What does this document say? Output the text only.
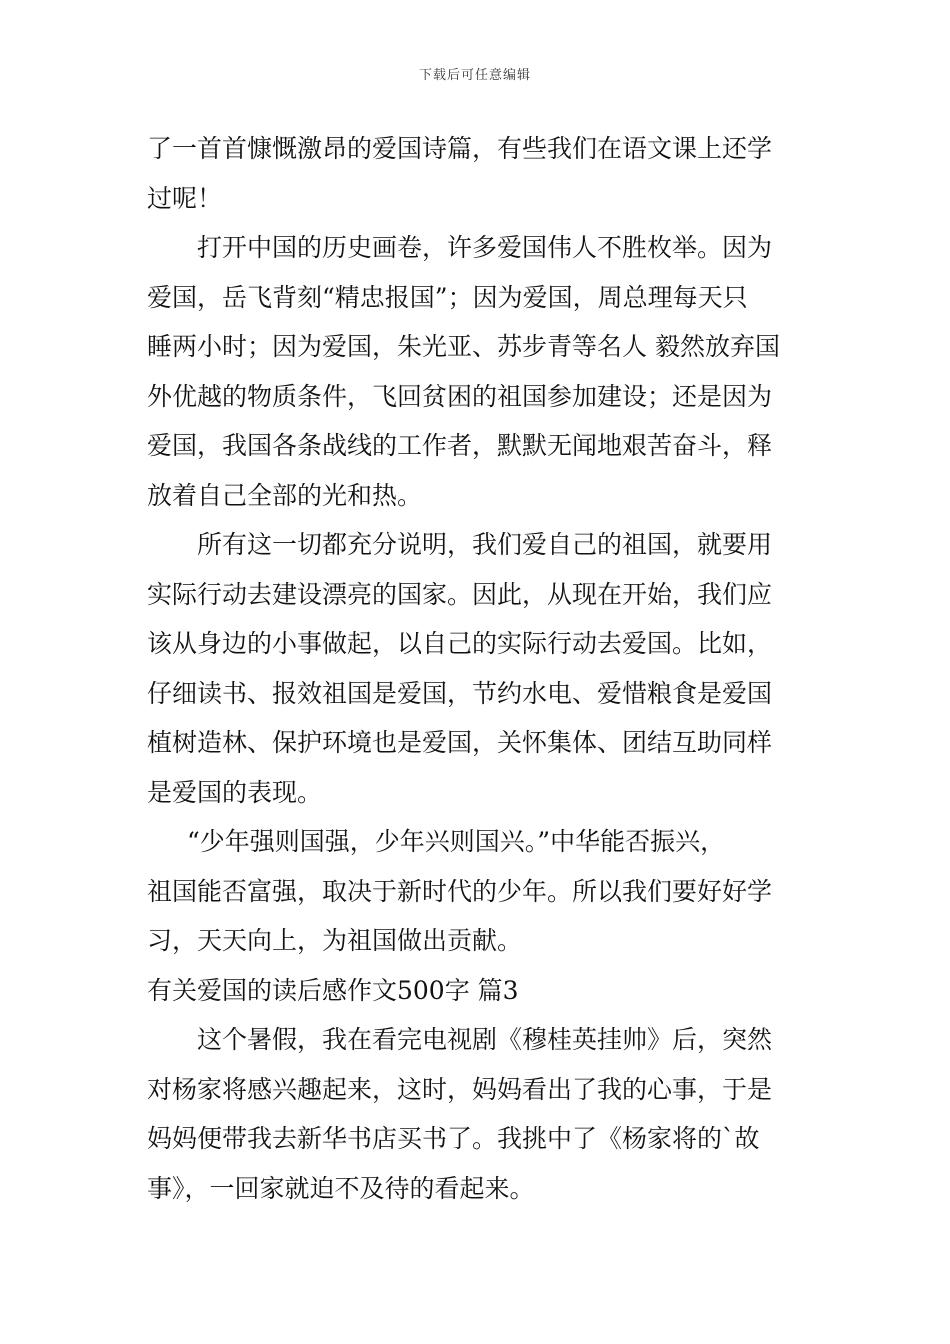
下载后可任意编辑
了一首首慷慨激昂的爱国诗篇，有些我们在语文课上还学
过呢！
打开中国的历史画卷，许多爱国伟人不胜枚举。因为
爱国，岳飞背刻“精忠报国”；因为爱国，周总理每天只
睡两小时；因为爱国，朱光亚、苏步青等名人 毅然放弃国
外优越的物质条件，飞回贫困的祖国参加建设；还是因为
爱国，我国各条战线的工作者，默默无闻地艰苦奋斗，释
放着自己全部的光和热。
所有这一切都充分说明，我们爱自己的祖国，就要用
实际行动去建设漂亮的国家。因此，从现在开始，我们应
该从身边的小事做起，以自己的实际行动去爱国。比如，
仔细读书、报效祖国是爱国，节约水电、爱惜粮食是爱国
植树造林、保护环境也是爱国，关怀集体、团结互助同样
是爱国的表现。
“少年强则国强，少年兴则国兴。”中华能否振兴，
祖国能否富强，取决于新时代的少年。所以我们要好好学
习，天天向上，为祖国做出贡献。
有关爱国的读后感作文500字 篇3
这个暑假，我在看完电视剧《穆桂英挂帅》后，突然
对杨家将感兴趣起来，这时，妈妈看出了我的心事，于是
妈妈便带我去新华书店买书了。我挑中了《杨家将的`故
事》，一回家就迫不及待的看起来。
